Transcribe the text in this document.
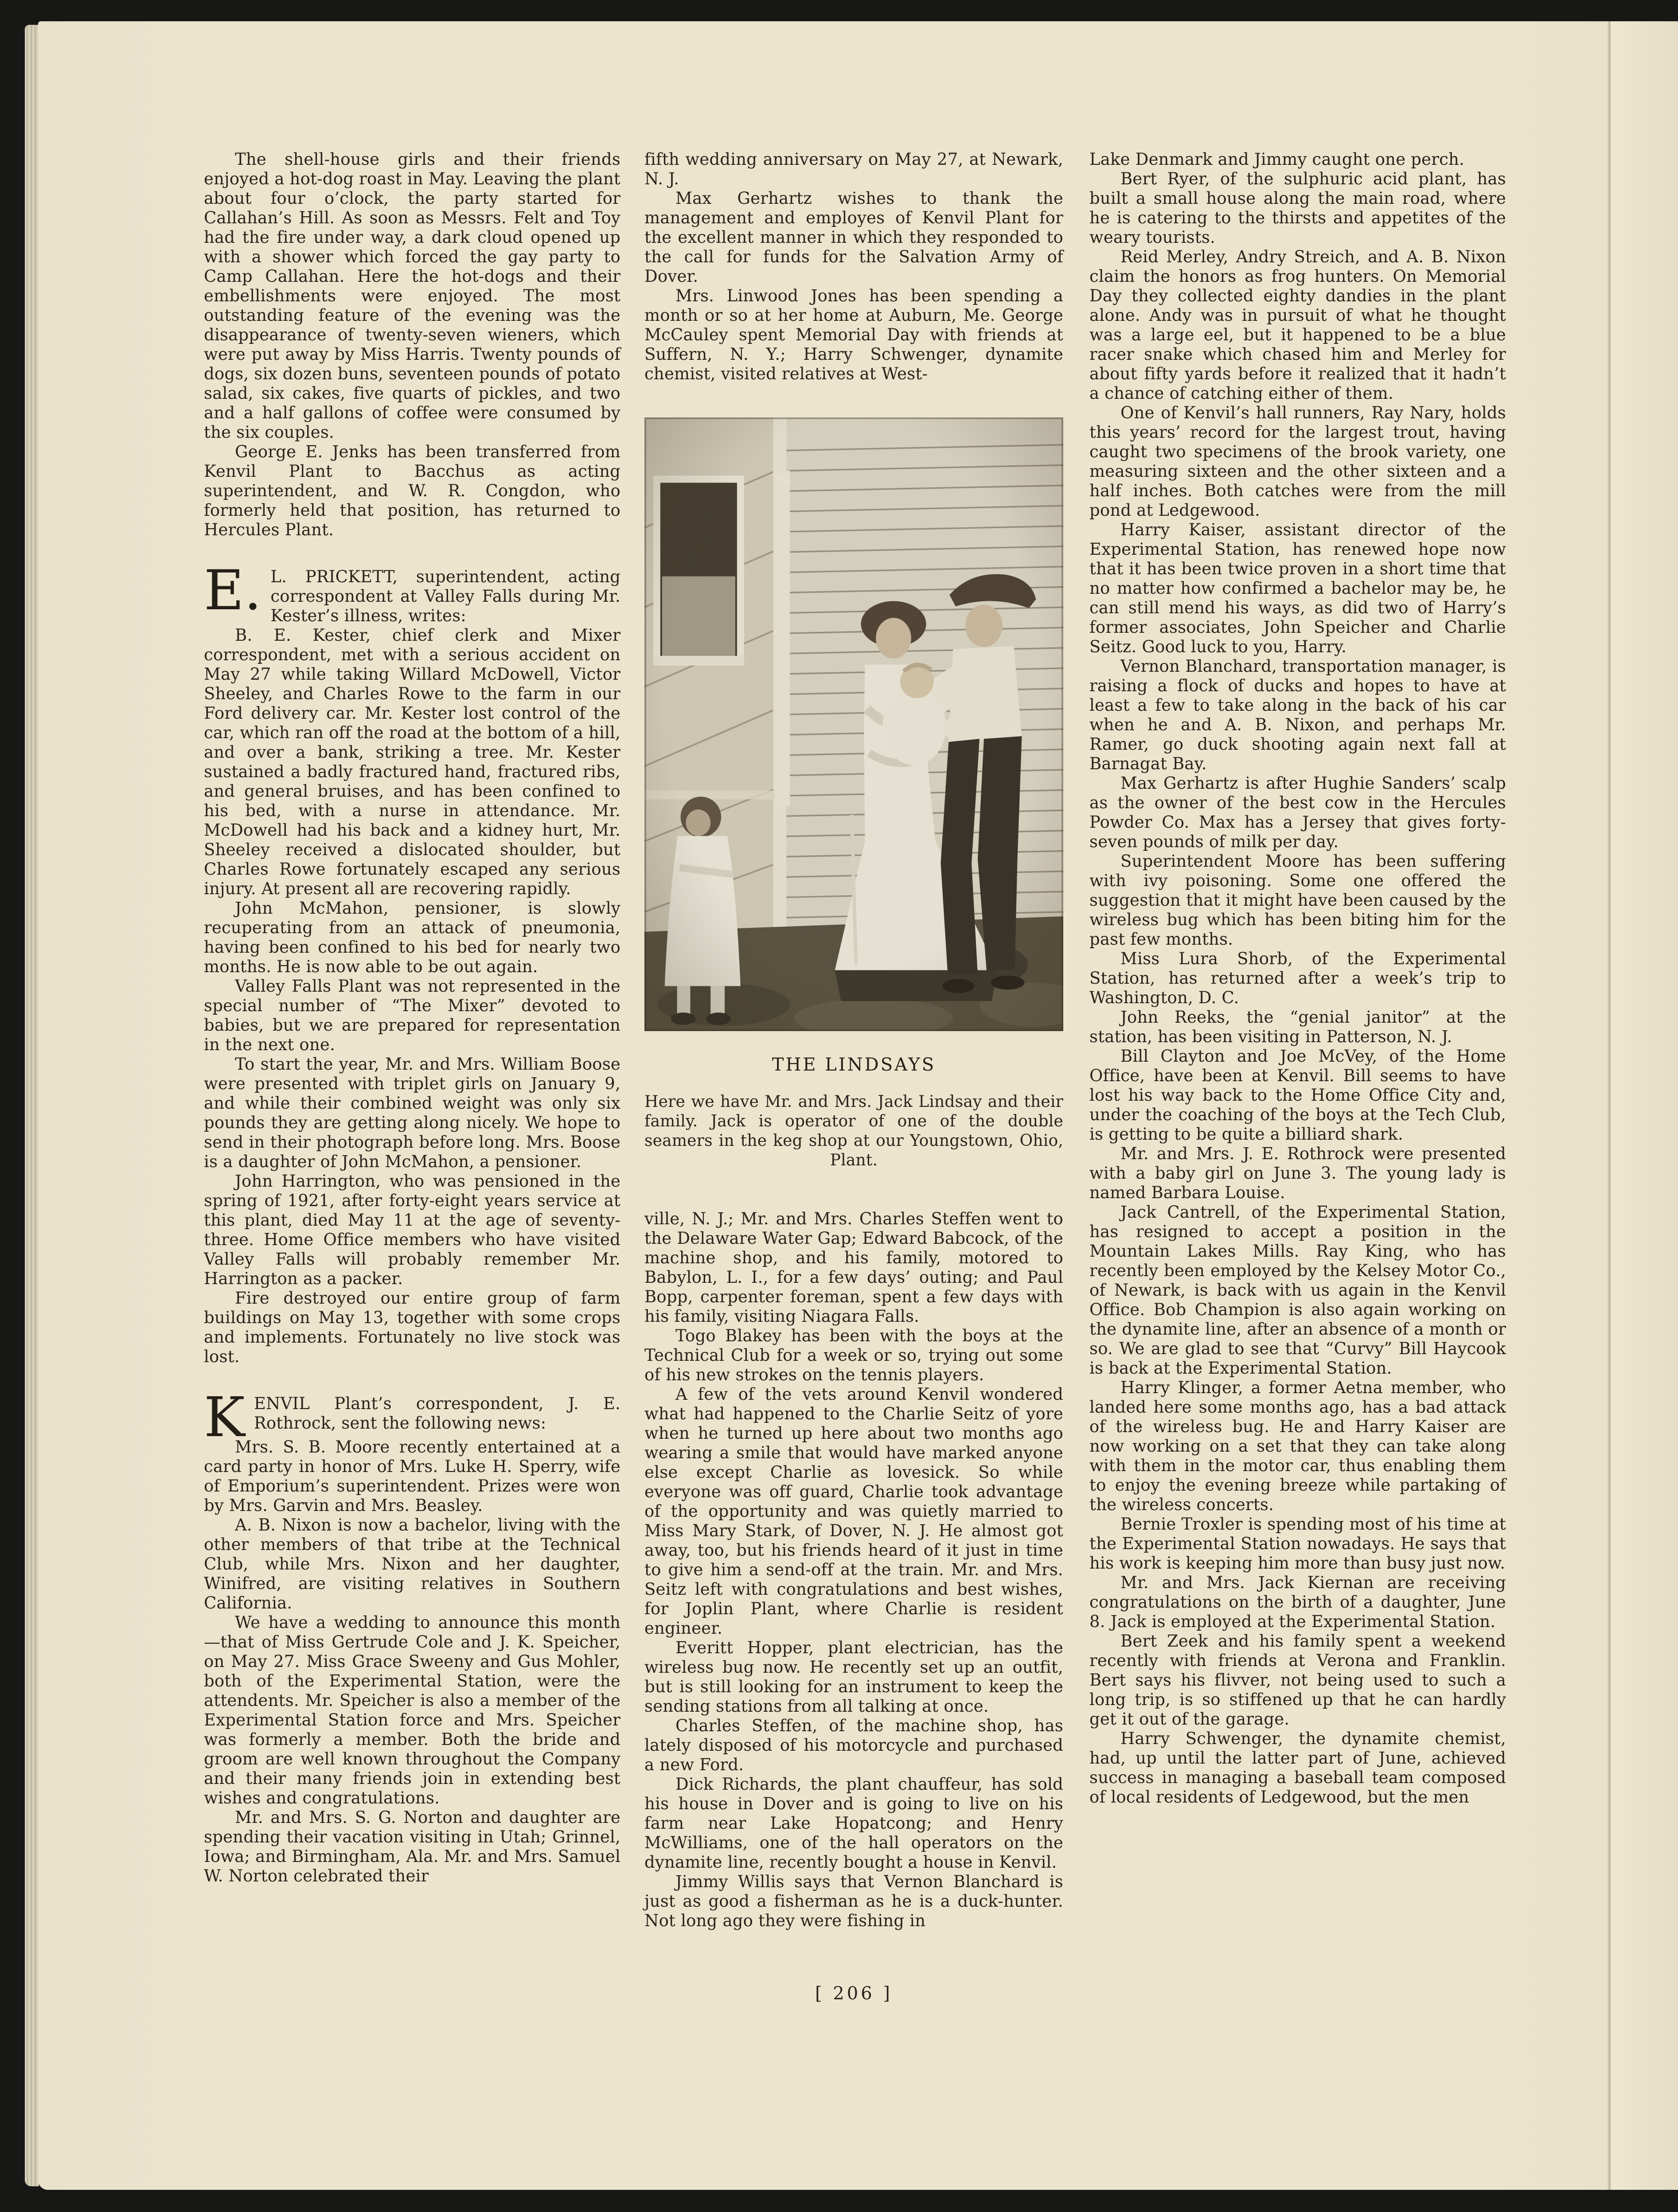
The shell-house girls and their friends enjoyed a hot-dog roast in May. Leaving the plant about four o’clock, the party started for Callahan’s Hill. As soon as Messrs. Felt and Toy had the fire under way, a dark cloud opened up with a shower which forced the gay party to Camp Callahan. Here the hot-dogs and their embellishments were enjoyed. The most outstanding feature of the evening was the disappearance of twenty-seven wieners, which were put away by Miss Harris. Twenty pounds of dogs, six dozen buns, seventeen pounds of potato salad, six cakes, five quarts of pickles, and two and a half gallons of coffee were consumed by the six couples.

George E. Jenks has been transferred from Kenvil Plant to Bacchus as acting superintendent, and W. R. Congdon, who formerly held that position, has returned to Hercules Plant.

E. L. PRICKETT, superintendent, acting correspondent at Valley Falls during Mr. Kester’s illness, writes:

B. E. Kester, chief clerk and Mixer correspondent, met with a serious accident on May 27 while taking Willard McDowell, Victor Sheeley, and Charles Rowe to the farm in our Ford delivery car. Mr. Kester lost control of the car, which ran off the road at the bottom of a hill, and over a bank, striking a tree. Mr. Kester sustained a badly fractured hand, fractured ribs, and general bruises, and has been confined to his bed, with a nurse in attendance. Mr. McDowell had his back and a kidney hurt, Mr. Sheeley received a dislocated shoulder, but Charles Rowe fortunately escaped any serious injury. At present all are recovering rapidly.

John McMahon, pensioner, is slowly recuperating from an attack of pneumonia, having been confined to his bed for nearly two months. He is now able to be out again.

Valley Falls Plant was not represented in the special number of “The Mixer” devoted to babies, but we are prepared for representation in the next one.

To start the year, Mr. and Mrs. William Boose were presented with triplet girls on January 9, and while their combined weight was only six pounds they are getting along nicely. We hope to send in their photograph before long. Mrs. Boose is a daughter of John McMahon, a pensioner.

John Harrington, who was pensioned in the spring of 1921, after forty-eight years service at this plant, died May 11 at the age of seventy-three. Home Office members who have visited Valley Falls will probably remember Mr. Harrington as a packer.

Fire destroyed our entire group of farm buildings on May 13, together with some crops and implements. Fortunately no live stock was lost.

KENVIL Plant’s correspondent, J. E. Rothrock, sent the following news:

Mrs. S. B. Moore recently entertained at a card party in honor of Mrs. Luke H. Sperry, wife of Emporium’s superintendent. Prizes were won by Mrs. Garvin and Mrs. Beasley.

A. B. Nixon is now a bachelor, living with the other members of that tribe at the Technical Club, while Mrs. Nixon and her daughter, Winifred, are visiting relatives in Southern California.

We have a wedding to announce this month —that of Miss Gertrude Cole and J. K. Speicher, on May 27. Miss Grace Sweeny and Gus Mohler, both of the Experimental Station, were the attendents. Mr. Speicher is also a member of the Experimental Station force and Mrs. Speicher was formerly a member. Both the bride and groom are well known throughout the Company and their many friends join in extending best wishes and congratulations.

Mr. and Mrs. S. G. Norton and daughter are spending their vacation visiting in Utah; Grinnel, Iowa; and Birmingham, Ala. Mr. and Mrs. Samuel W. Norton celebrated their

fifth wedding anniversary on May 27, at Newark, N. J.

Max Gerhartz wishes to thank the management and employes of Kenvil Plant for the excellent manner in which they responded to the call for funds for the Salvation Army of Dover.

Mrs. Linwood Jones has been spending a month or so at her home at Auburn, Me. George McCauley spent Memorial Day with friends at Suffern, N. Y.; Harry Schwenger, dynamite chemist, visited relatives at West-

THE LINDSAYS

Here we have Mr. and Mrs. Jack Lindsay and their family. Jack is operator of one of the double seamers in the keg shop at our Youngstown, Ohio, Plant.

ville, N. J.; Mr. and Mrs. Charles Steffen went to the Delaware Water Gap; Edward Babcock, of the machine shop, and his family, motored to Babylon, L. I., for a few days’ outing; and Paul Bopp, carpenter foreman, spent a few days with his family, visiting Niagara Falls.

Togo Blakey has been with the boys at the Technical Club for a week or so, trying out some of his new strokes on the tennis players.

A few of the vets around Kenvil wondered what had happened to the Charlie Seitz of yore when he turned up here about two months ago wearing a smile that would have marked anyone else except Charlie as lovesick. So while everyone was off guard, Charlie took advantage of the opportunity and was quietly married to Miss Mary Stark, of Dover, N. J. He almost got away, too, but his friends heard of it just in time to give him a send-off at the train. Mr. and Mrs. Seitz left with congratulations and best wishes, for Joplin Plant, where Charlie is resident engineer.

Everitt Hopper, plant electrician, has the wireless bug now. He recently set up an outfit, but is still looking for an instrument to keep the sending stations from all talking at once.

Charles Steffen, of the machine shop, has lately disposed of his motorcycle and purchased a new Ford.

Dick Richards, the plant chauffeur, has sold his house in Dover and is going to live on his farm near Lake Hopatcong; and Henry McWilliams, one of the hall operators on the dynamite line, recently bought a house in Kenvil.

Jimmy Willis says that Vernon Blanchard is just as good a fisherman as he is a duck-hunter. Not long ago they were fishing in

Lake Denmark and Jimmy caught one perch.

Bert Ryer, of the sulphuric acid plant, has built a small house along the main road, where he is catering to the thirsts and appetites of the weary tourists.

Reid Merley, Andry Streich, and A. B. Nixon claim the honors as frog hunters. On Memorial Day they collected eighty dandies in the plant alone. Andy was in pursuit of what he thought was a large eel, but it happened to be a blue racer snake which chased him and Merley for about fifty yards before it realized that it hadn’t a chance of catching either of them.

One of Kenvil’s hall runners, Ray Nary, holds this years’ record for the largest trout, having caught two specimens of the brook variety, one measuring sixteen and the other sixteen and a half inches. Both catches were from the mill pond at Ledgewood.

Harry Kaiser, assistant director of the Experimental Station, has renewed hope now that it has been twice proven in a short time that no matter how confirmed a bachelor may be, he can still mend his ways, as did two of Harry’s former associates, John Speicher and Charlie Seitz. Good luck to you, Harry.

Vernon Blanchard, transportation manager, is raising a flock of ducks and hopes to have at least a few to take along in the back of his car when he and A. B. Nixon, and perhaps Mr. Ramer, go duck shooting again next fall at Barnagat Bay.

Max Gerhartz is after Hughie Sanders’ scalp as the owner of the best cow in the Hercules Powder Co. Max has a Jersey that gives forty-seven pounds of milk per day.

Superintendent Moore has been suffering with ivy poisoning. Some one offered the suggestion that it might have been caused by the wireless bug which has been biting him for the past few months.

Miss Lura Shorb, of the Experimental Station, has returned after a week’s trip to Washington, D. C.

John Reeks, the “genial janitor” at the station, has been visiting in Patterson, N. J.

Bill Clayton and Joe McVey, of the Home Office, have been at Kenvil. Bill seems to have lost his way back to the Home Office City and, under the coaching of the boys at the Tech Club, is getting to be quite a billiard shark.

Mr. and Mrs. J. E. Rothrock were presented with a baby girl on June 3. The young lady is named Barbara Louise.

Jack Cantrell, of the Experimental Station, has resigned to accept a position in the Mountain Lakes Mills. Ray King, who has recently been employed by the Kelsey Motor Co., of Newark, is back with us again in the Kenvil Office. Bob Champion is also again working on the dynamite line, after an absence of a month or so. We are glad to see that “Curvy” Bill Haycook is back at the Experimental Station.

Harry Klinger, a former Aetna member, who landed here some months ago, has a bad attack of the wireless bug. He and Harry Kaiser are now working on a set that they can take along with them in the motor car, thus enabling them to enjoy the evening breeze while partaking of the wireless concerts.

Bernie Troxler is spending most of his time at the Experimental Station nowadays. He says that his work is keeping him more than busy just now.

Mr. and Mrs. Jack Kiernan are receiving congratulations on the birth of a daughter, June 8. Jack is employed at the Experimental Station.

Bert Zeek and his family spent a weekend recently with friends at Verona and Franklin. Bert says his flivver, not being used to such a long trip, is so stiffened up that he can hardly get it out of the garage.

Harry Schwenger, the dynamite chemist, had, up until the latter part of June, achieved success in managing a baseball team composed of local residents of Ledgewood, but the men

[ 206 ]
